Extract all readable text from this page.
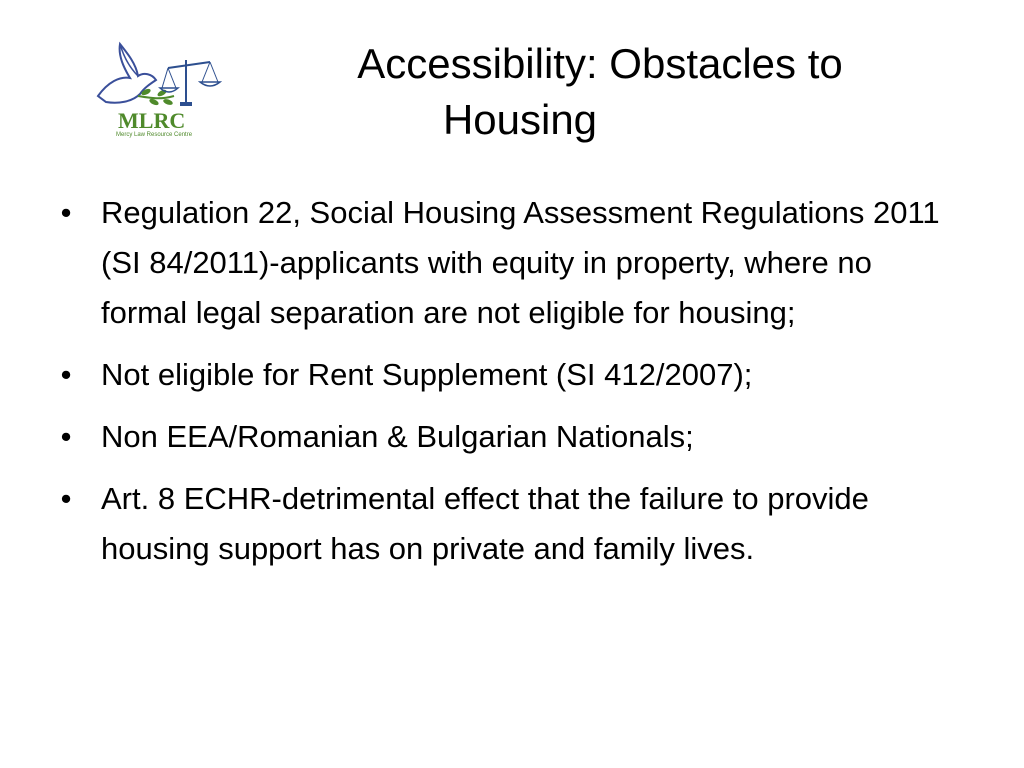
MLRC
Mercy Law Resource Centre
Accessibility: Obstacles to
Housing
• Regulation 22, Social Housing Assessment Regulations 2011 (SI 84/2011)-applicants with equity in property, where no formal legal separation are not eligible for housing;
• Not eligible for Rent Supplement (SI 412/2007);
• Non EEA/Romanian & Bulgarian Nationals;
• Art. 8 ECHR-detrimental effect that the failure to provide housing support has on private and family lives.
